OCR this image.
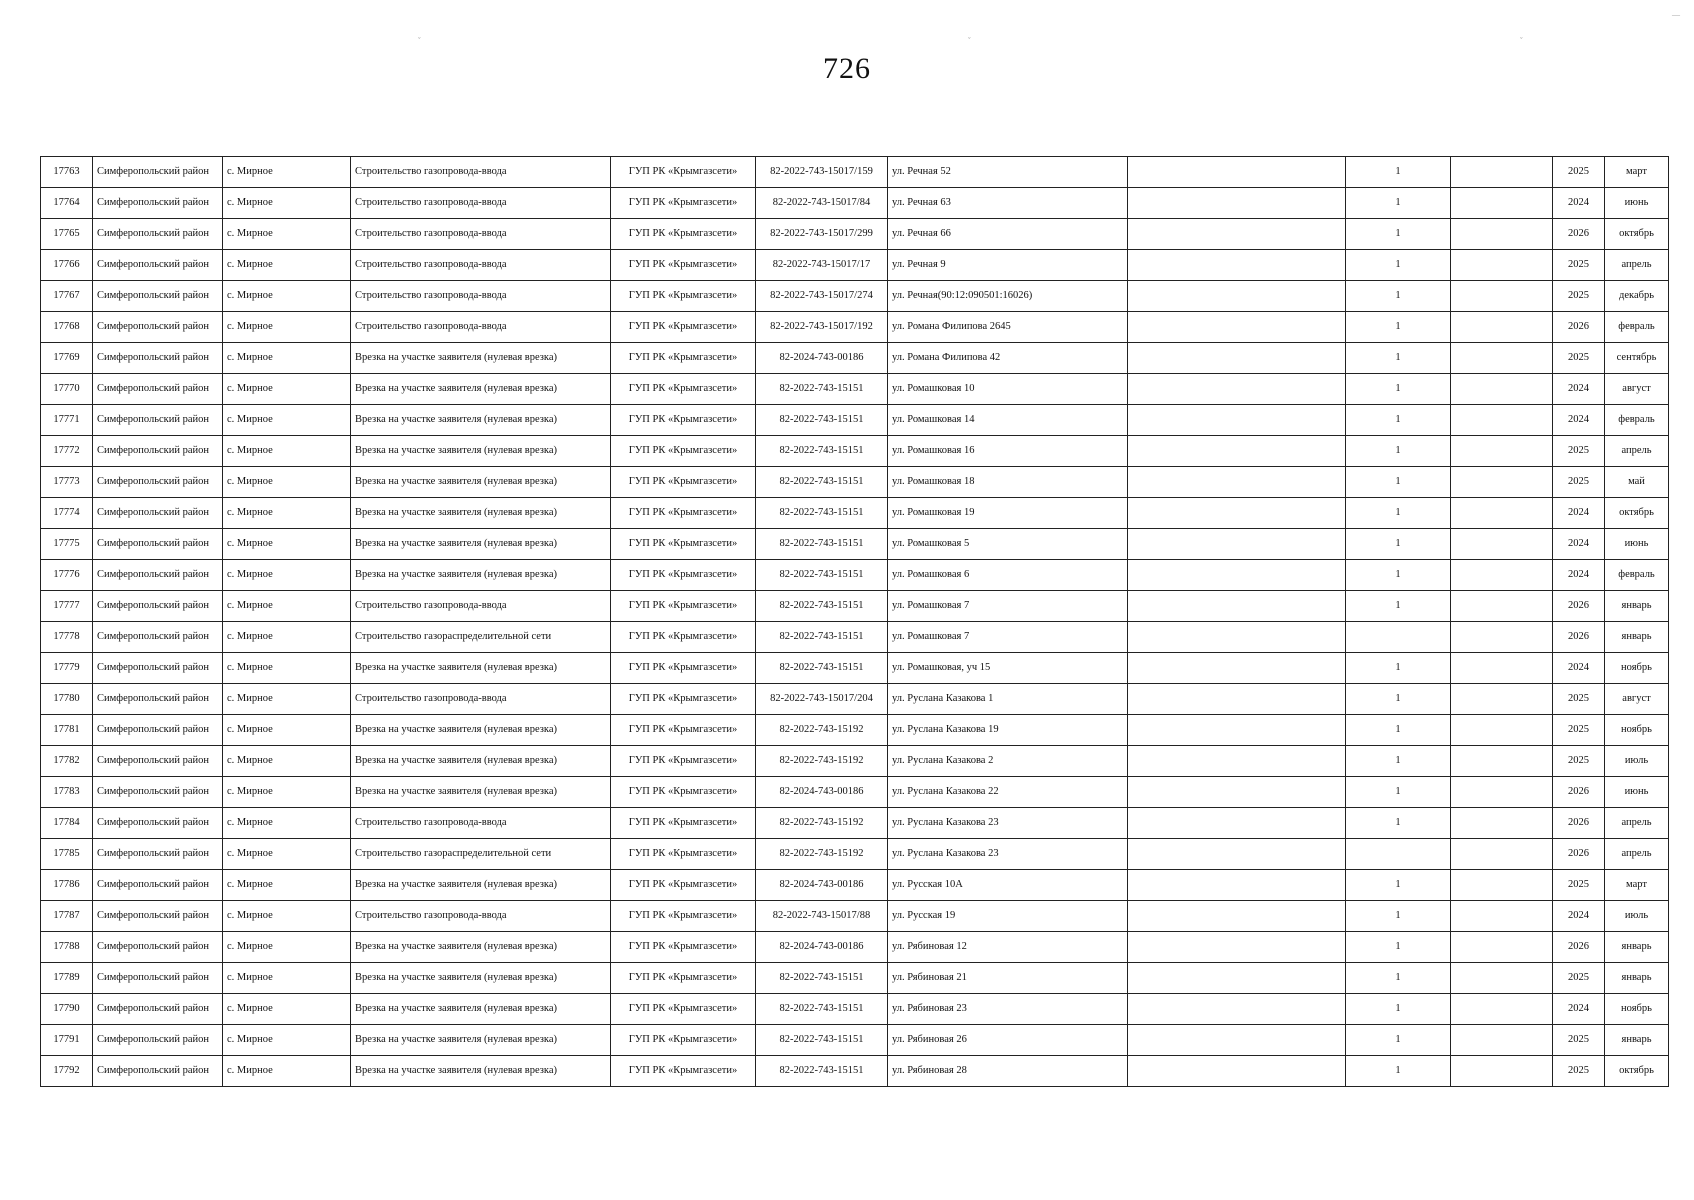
726
ˇ	ˇ	ˇ
—
17763	Симферопольский район	с. Мирное	Строительство газопровода-ввода	ГУП РК «Крымгазсети»	82-2022-743-15017/159	ул. Речная 52		1		2025	март
17764	Симферопольский район	с. Мирное	Строительство газопровода-ввода	ГУП РК «Крымгазсети»	82-2022-743-15017/84	ул. Речная 63		1		2024	июнь
17765	Симферопольский район	с. Мирное	Строительство газопровода-ввода	ГУП РК «Крымгазсети»	82-2022-743-15017/299	ул. Речная 66		1		2026	октябрь
17766	Симферопольский район	с. Мирное	Строительство газопровода-ввода	ГУП РК «Крымгазсети»	82-2022-743-15017/17	ул. Речная 9		1		2025	апрель
17767	Симферопольский район	с. Мирное	Строительство газопровода-ввода	ГУП РК «Крымгазсети»	82-2022-743-15017/274	ул. Речная(90:12:090501:16026)		1		2025	декабрь
17768	Симферопольский район	с. Мирное	Строительство газопровода-ввода	ГУП РК «Крымгазсети»	82-2022-743-15017/192	ул. Романа Филипова 2645		1		2026	февраль
17769	Симферопольский район	с. Мирное	Врезка на участке заявителя (нулевая врезка)	ГУП РК «Крымгазсети»	82-2024-743-00186	ул. Романа Филипова 42		1		2025	сентябрь
17770	Симферопольский район	с. Мирное	Врезка на участке заявителя (нулевая врезка)	ГУП РК «Крымгазсети»	82-2022-743-15151	ул. Ромашковая 10		1		2024	август
17771	Симферопольский район	с. Мирное	Врезка на участке заявителя (нулевая врезка)	ГУП РК «Крымгазсети»	82-2022-743-15151	ул. Ромашковая 14		1		2024	февраль
17772	Симферопольский район	с. Мирное	Врезка на участке заявителя (нулевая врезка)	ГУП РК «Крымгазсети»	82-2022-743-15151	ул. Ромашковая 16		1		2025	апрель
17773	Симферопольский район	с. Мирное	Врезка на участке заявителя (нулевая врезка)	ГУП РК «Крымгазсети»	82-2022-743-15151	ул. Ромашковая 18		1		2025	май
17774	Симферопольский район	с. Мирное	Врезка на участке заявителя (нулевая врезка)	ГУП РК «Крымгазсети»	82-2022-743-15151	ул. Ромашковая 19		1		2024	октябрь
17775	Симферопольский район	с. Мирное	Врезка на участке заявителя (нулевая врезка)	ГУП РК «Крымгазсети»	82-2022-743-15151	ул. Ромашковая 5		1		2024	июнь
17776	Симферопольский район	с. Мирное	Врезка на участке заявителя (нулевая врезка)	ГУП РК «Крымгазсети»	82-2022-743-15151	ул. Ромашковая 6		1		2024	февраль
17777	Симферопольский район	с. Мирное	Строительство газопровода-ввода	ГУП РК «Крымгазсети»	82-2022-743-15151	ул. Ромашковая 7		1		2026	январь
17778	Симферопольский район	с. Мирное	Строительство газораспределительной сети	ГУП РК «Крымгазсети»	82-2022-743-15151	ул. Ромашковая 7				2026	январь
17779	Симферопольский район	с. Мирное	Врезка на участке заявителя (нулевая врезка)	ГУП РК «Крымгазсети»	82-2022-743-15151	ул. Ромашковая, уч 15		1		2024	ноябрь
17780	Симферопольский район	с. Мирное	Строительство газопровода-ввода	ГУП РК «Крымгазсети»	82-2022-743-15017/204	ул. Руслана Казакова 1		1		2025	август
17781	Симферопольский район	с. Мирное	Врезка на участке заявителя (нулевая врезка)	ГУП РК «Крымгазсети»	82-2022-743-15192	ул. Руслана Казакова 19		1		2025	ноябрь
17782	Симферопольский район	с. Мирное	Врезка на участке заявителя (нулевая врезка)	ГУП РК «Крымгазсети»	82-2022-743-15192	ул. Руслана Казакова 2		1		2025	июль
17783	Симферопольский район	с. Мирное	Врезка на участке заявителя (нулевая врезка)	ГУП РК «Крымгазсети»	82-2024-743-00186	ул. Руслана Казакова 22		1		2026	июнь
17784	Симферопольский район	с. Мирное	Строительство газопровода-ввода	ГУП РК «Крымгазсети»	82-2022-743-15192	ул. Руслана Казакова 23		1		2026	апрель
17785	Симферопольский район	с. Мирное	Строительство газораспределительной сети	ГУП РК «Крымгазсети»	82-2022-743-15192	ул. Руслана Казакова 23				2026	апрель
17786	Симферопольский район	с. Мирное	Врезка на участке заявителя (нулевая врезка)	ГУП РК «Крымгазсети»	82-2024-743-00186	ул. Русская 10А		1		2025	март
17787	Симферопольский район	с. Мирное	Строительство газопровода-ввода	ГУП РК «Крымгазсети»	82-2022-743-15017/88	ул. Русская 19		1		2024	июль
17788	Симферопольский район	с. Мирное	Врезка на участке заявителя (нулевая врезка)	ГУП РК «Крымгазсети»	82-2024-743-00186	ул. Рябиновая 12		1		2026	январь
17789	Симферопольский район	с. Мирное	Врезка на участке заявителя (нулевая врезка)	ГУП РК «Крымгазсети»	82-2022-743-15151	ул. Рябиновая 21		1		2025	январь
17790	Симферопольский район	с. Мирное	Врезка на участке заявителя (нулевая врезка)	ГУП РК «Крымгазсети»	82-2022-743-15151	ул. Рябиновая 23		1		2024	ноябрь
17791	Симферопольский район	с. Мирное	Врезка на участке заявителя (нулевая врезка)	ГУП РК «Крымгазсети»	82-2022-743-15151	ул. Рябиновая 26		1		2025	январь
17792	Симферопольский район	с. Мирное	Врезка на участке заявителя (нулевая врезка)	ГУП РК «Крымгазсети»	82-2022-743-15151	ул. Рябиновая 28		1		2025	октябрь
